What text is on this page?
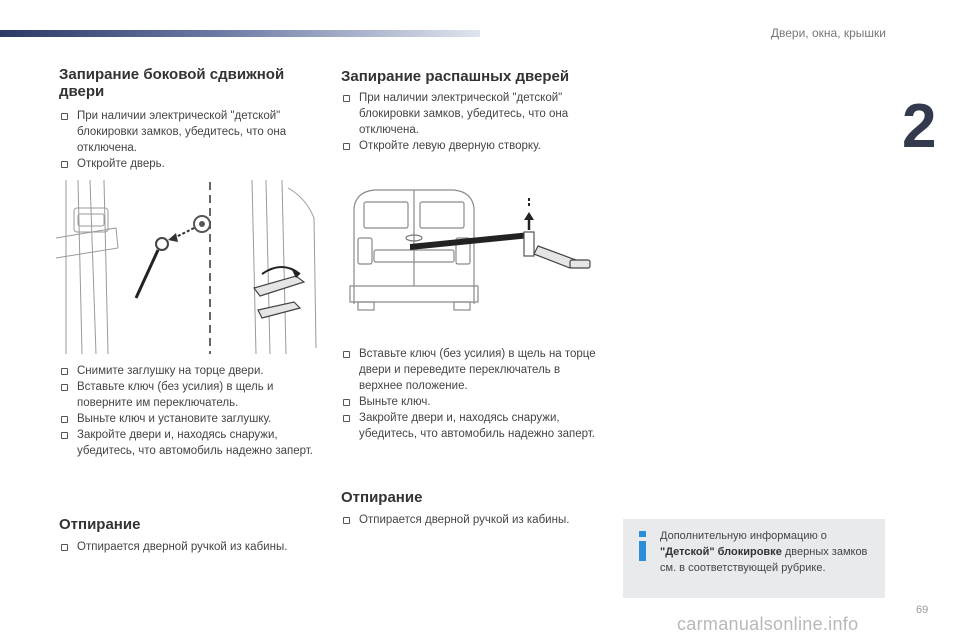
Двери, окна, крышки
2
Запирание боковой сдвижной двери
При наличии электрической "детской" блокировки замков, убедитесь, что она отключена.
Откройте дверь.
Снимите заглушку на торце двери.
Вставьте ключ (без усилия) в щель и поверните им переключатель.
Выньте ключ и установите заглушку.
Закройте двери и, находясь снаружи, убедитесь, что автомобиль надежно заперт.
Отпирание
Отпирается дверной ручкой из кабины.
Запирание распашных дверей
При наличии электрической "детской" блокировки замков, убедитесь, что она отключена.
Откройте левую дверную створку.
Вставьте ключ (без усилия) в щель на торце двери и переведите переключатель в верхнее положение.
Выньте ключ.
Закройте двери и, находясь снаружи, убедитесь, что автомобиль надежно заперт.
Отпирание
Отпирается дверной ручкой из кабины.
Дополнительную информацию о "Детской" блокировке дверных замков см. в соответствующей рубрике.
69
carmanualsonline.info
